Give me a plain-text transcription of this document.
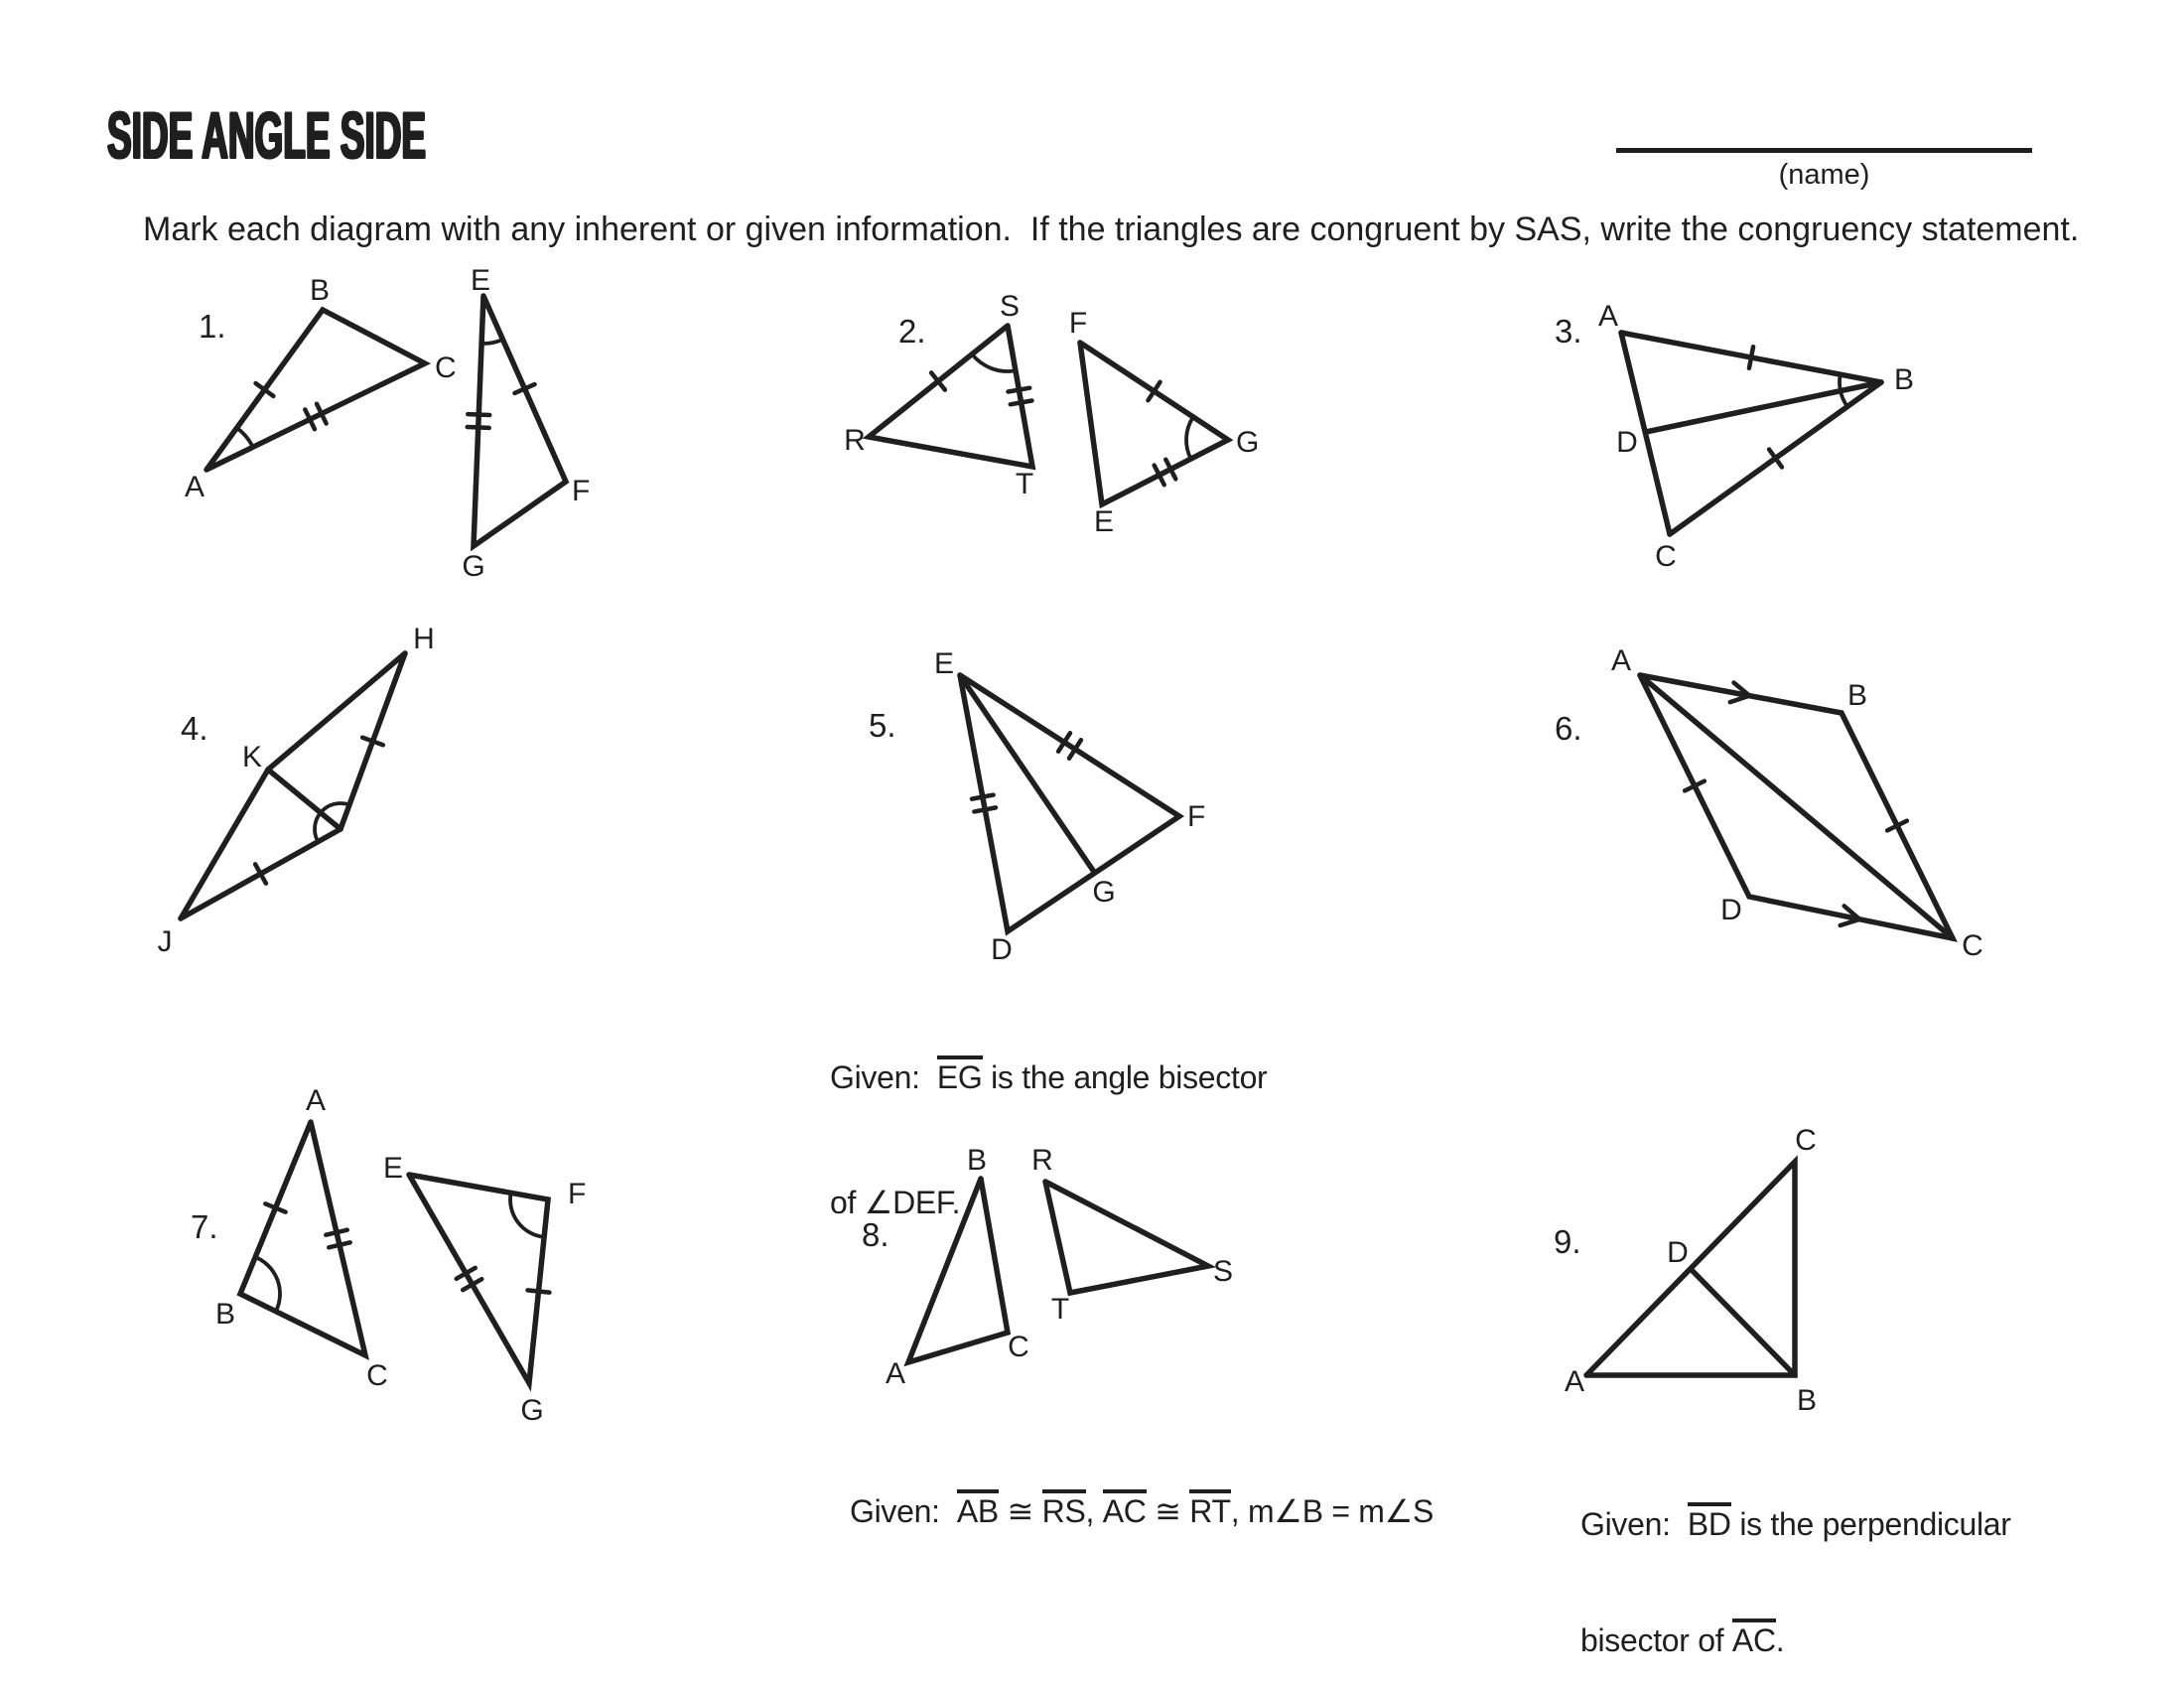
SIDE ANGLE SIDE
(name)
Mark each diagram with any inherent or given information.  If the triangles are congruent by SAS, write the congruency statement.
1.
B
C
A
E
F
G
2.
S
R
T
F
G
E
3. A
B
D
C
4.
H
K
J
5.
E
F
G
D
6.
A
B
D
C
7.
A
B
C
E
F
G
8.
B
A
C
R
S
T
9.
C
D
A
B

Given:  EG is the angle bisector

of ∠DEF.

Given:  AB ≅ RS, AC ≅ RT, m∠B = m∠S

	Given:  BD is the perpendicular

bisector of AC.
